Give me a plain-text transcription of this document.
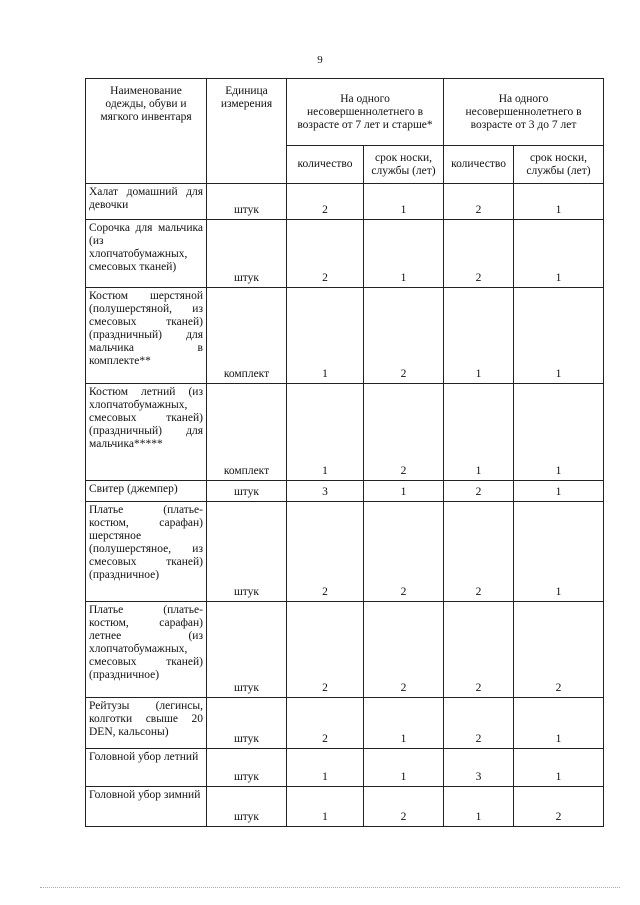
9
Наименование одежды, обуви и мягкого инвентаря	Единица измерения	На одного несовершеннолетнего в возрасте от 7 лет и старше*		На одного несовершеннолетнего в возрасте от 3 до 7 лет	
		количество	срок носки, службы (лет)	количество	срок носки, службы (лет)
Халат домашний для девочки	штук	2	1	2	1
Сорочка для мальчика (из хлопчатобумажных, смесовых тканей)	штук	2	1	2	1
Костюм шерстяной (полушерстяной, из смесовых тканей) (праздничный) для мальчика в комплекте**	комплект	1	2	1	1
Костюм летний (из хлопчатобумажных, смесовых тканей) (праздничный) для мальчика*****	комплект	1	2	1	1
Свитер (джемпер)	штук	3	1	2	1
Платье (платье-костюм, сарафан) шерстяное (полушерстяное, из смесовых тканей) (праздничное)	штук	2	2	2	1
Платье (платье-костюм, сарафан) летнее (из хлопчатобумажных, смесовых тканей) (праздничное)	штук	2	2	2	2
Рейтузы (легинсы, колготки свыше 20 DEN, кальсоны)	штук	2	1	2	1
Головной убор летний	штук	1	1	3	1
Головной убор зимний	штук	1	2	1	2
